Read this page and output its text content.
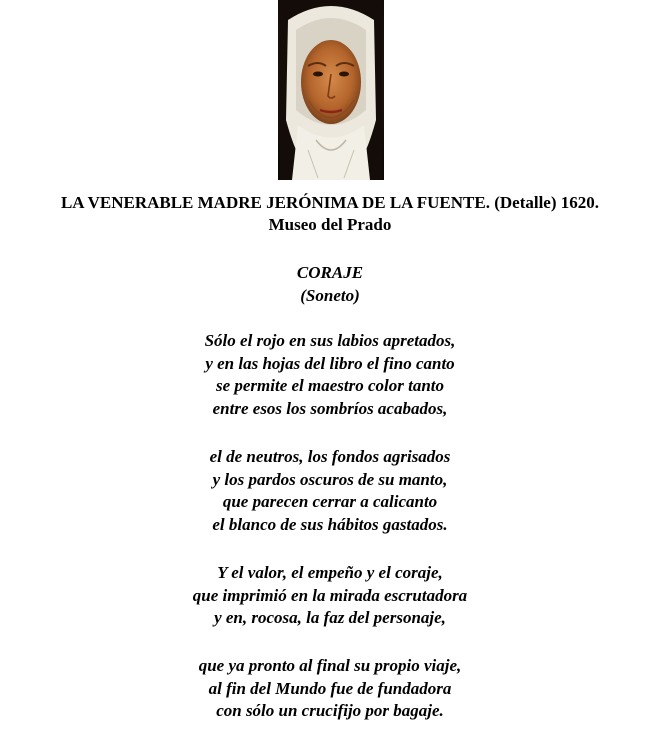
LA VENERABLE MADRE JERÓNIMA DE LA FUENTE. (Detalle) 1620.
Museo del Prado
CORAJE
(Soneto)
Sólo el rojo en sus labios apretados,
y en las hojas del libro el fino canto
se permite el maestro color tanto
entre esos los sombríos acabados,
el de neutros, los fondos agrisados
y los pardos oscuros de su manto,
que parecen cerrar a calicanto
el blanco de sus hábitos gastados.
Y el valor, el empeño y el coraje,
que imprimió en la mirada escrutadora
y en, rocosa, la faz del personaje,
que ya pronto al final su propio viaje,
al fin del Mundo fue de fundadora
con sólo un crucifijo por bagaje.
